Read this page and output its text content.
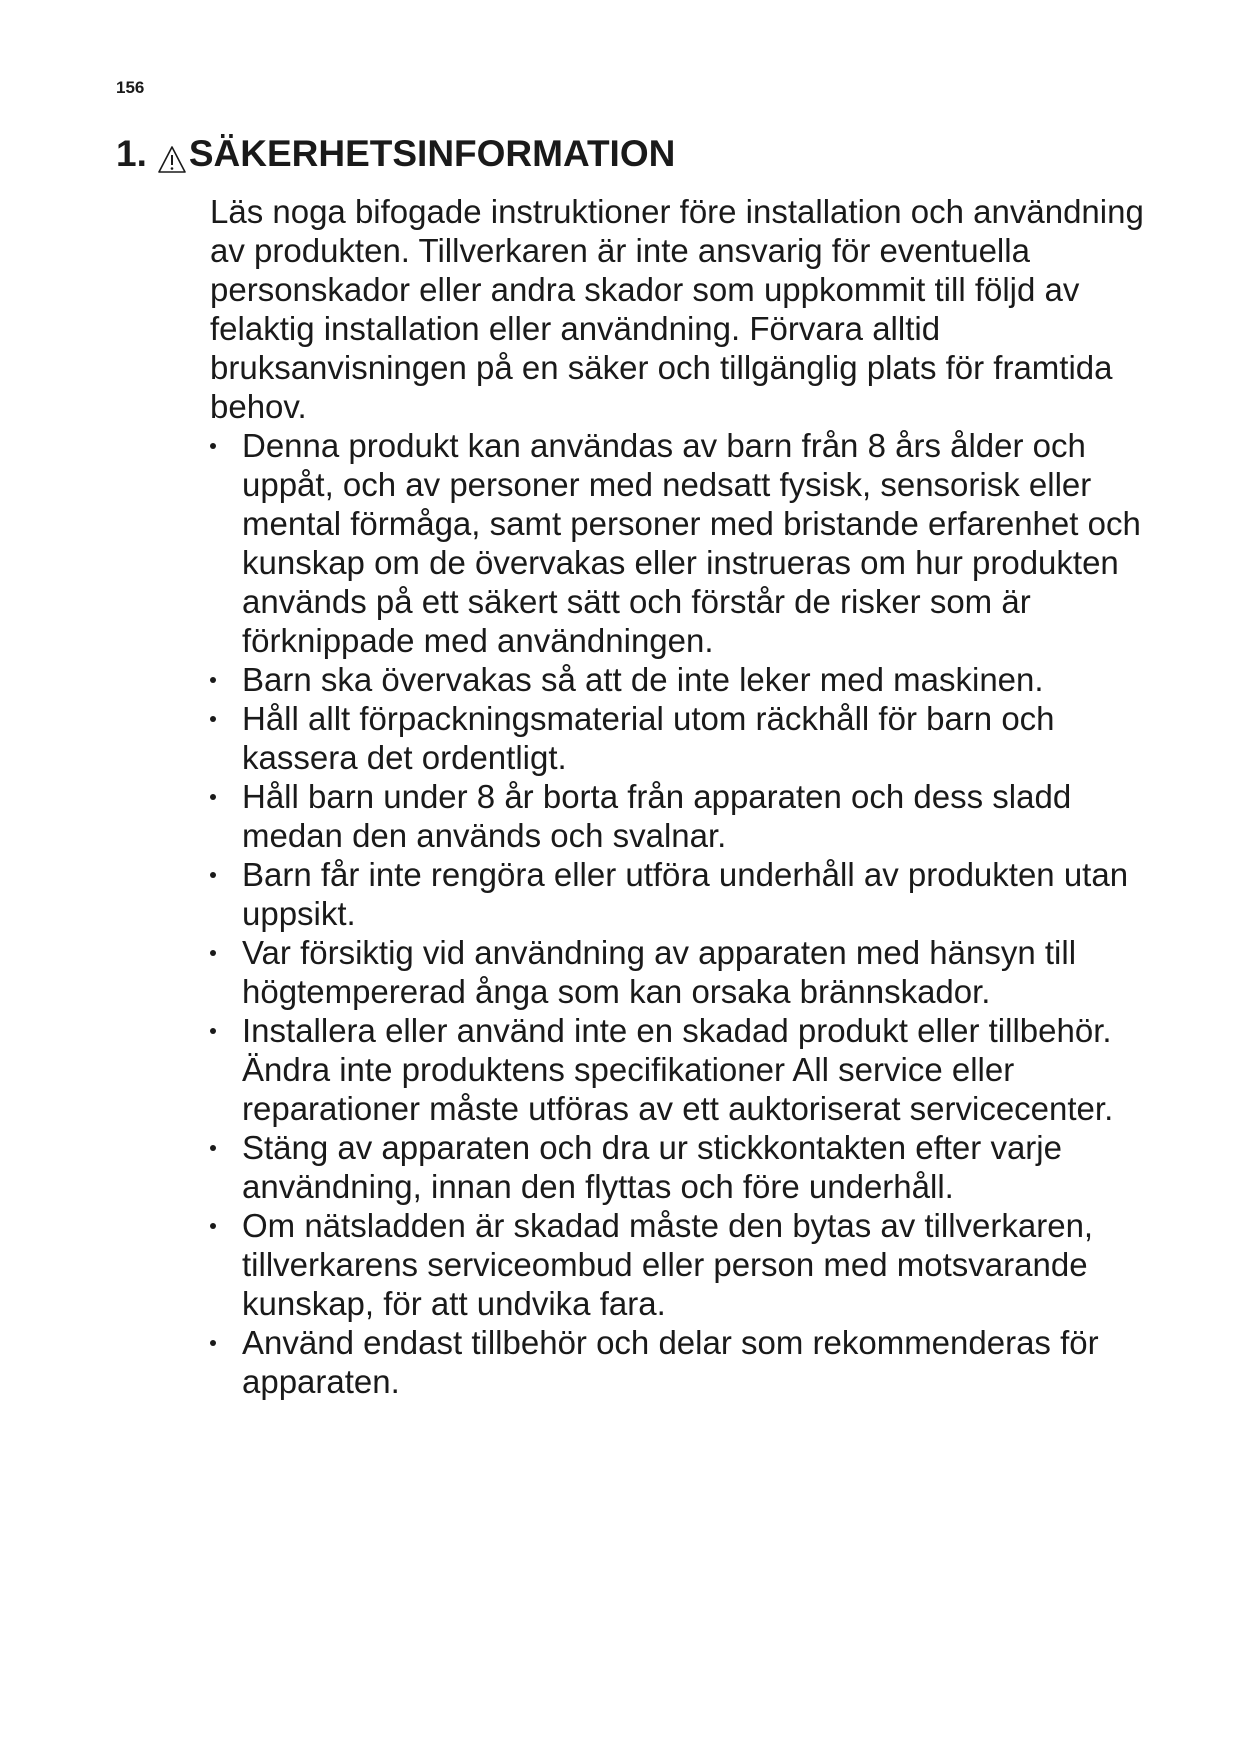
156
1. SÄKERHETSINFORMATION

Läs noga bifogade instruktioner före installation och användning av produkten. Tillverkaren är inte ansvarig för eventuella personskador eller andra skador som uppkommit till följd av felaktig installation eller användning. Förvara alltid bruksanvisningen på en säker och tillgänglig plats för framtida behov.

Denna produkt kan användas av barn från 8 års ålder och uppåt, och av personer med nedsatt fysisk, sensorisk eller mental förmåga, samt personer med bristande erfarenhet och kunskap om de övervakas eller instrueras om hur produkten används på ett säkert sätt och förstår de risker som är förknippade med användningen.
Barn ska övervakas så att de inte leker med maskinen.
Håll allt förpackningsmaterial utom räckhåll för barn och kassera det ordentligt.
Håll barn under 8 år borta från apparaten och dess sladd medan den används och svalnar.
Barn får inte rengöra eller utföra underhåll av produkten utan uppsikt.
Var försiktig vid användning av apparaten med hänsyn till högtempererad ånga som kan orsaka brännskador.
Installera eller använd inte en skadad produkt eller tillbehör. Ändra inte produktens specifikationer All service eller reparationer måste utföras av ett auktoriserat servicecenter.
Stäng av apparaten och dra ur stickkontakten efter varje användning, innan den flyttas och före underhåll.
Om nätsladden är skadad måste den bytas av tillverkaren, tillverkarens serviceombud eller person med motsvarande kunskap, för att undvika fara.
Använd endast tillbehör och delar som rekommenderas för apparaten.
